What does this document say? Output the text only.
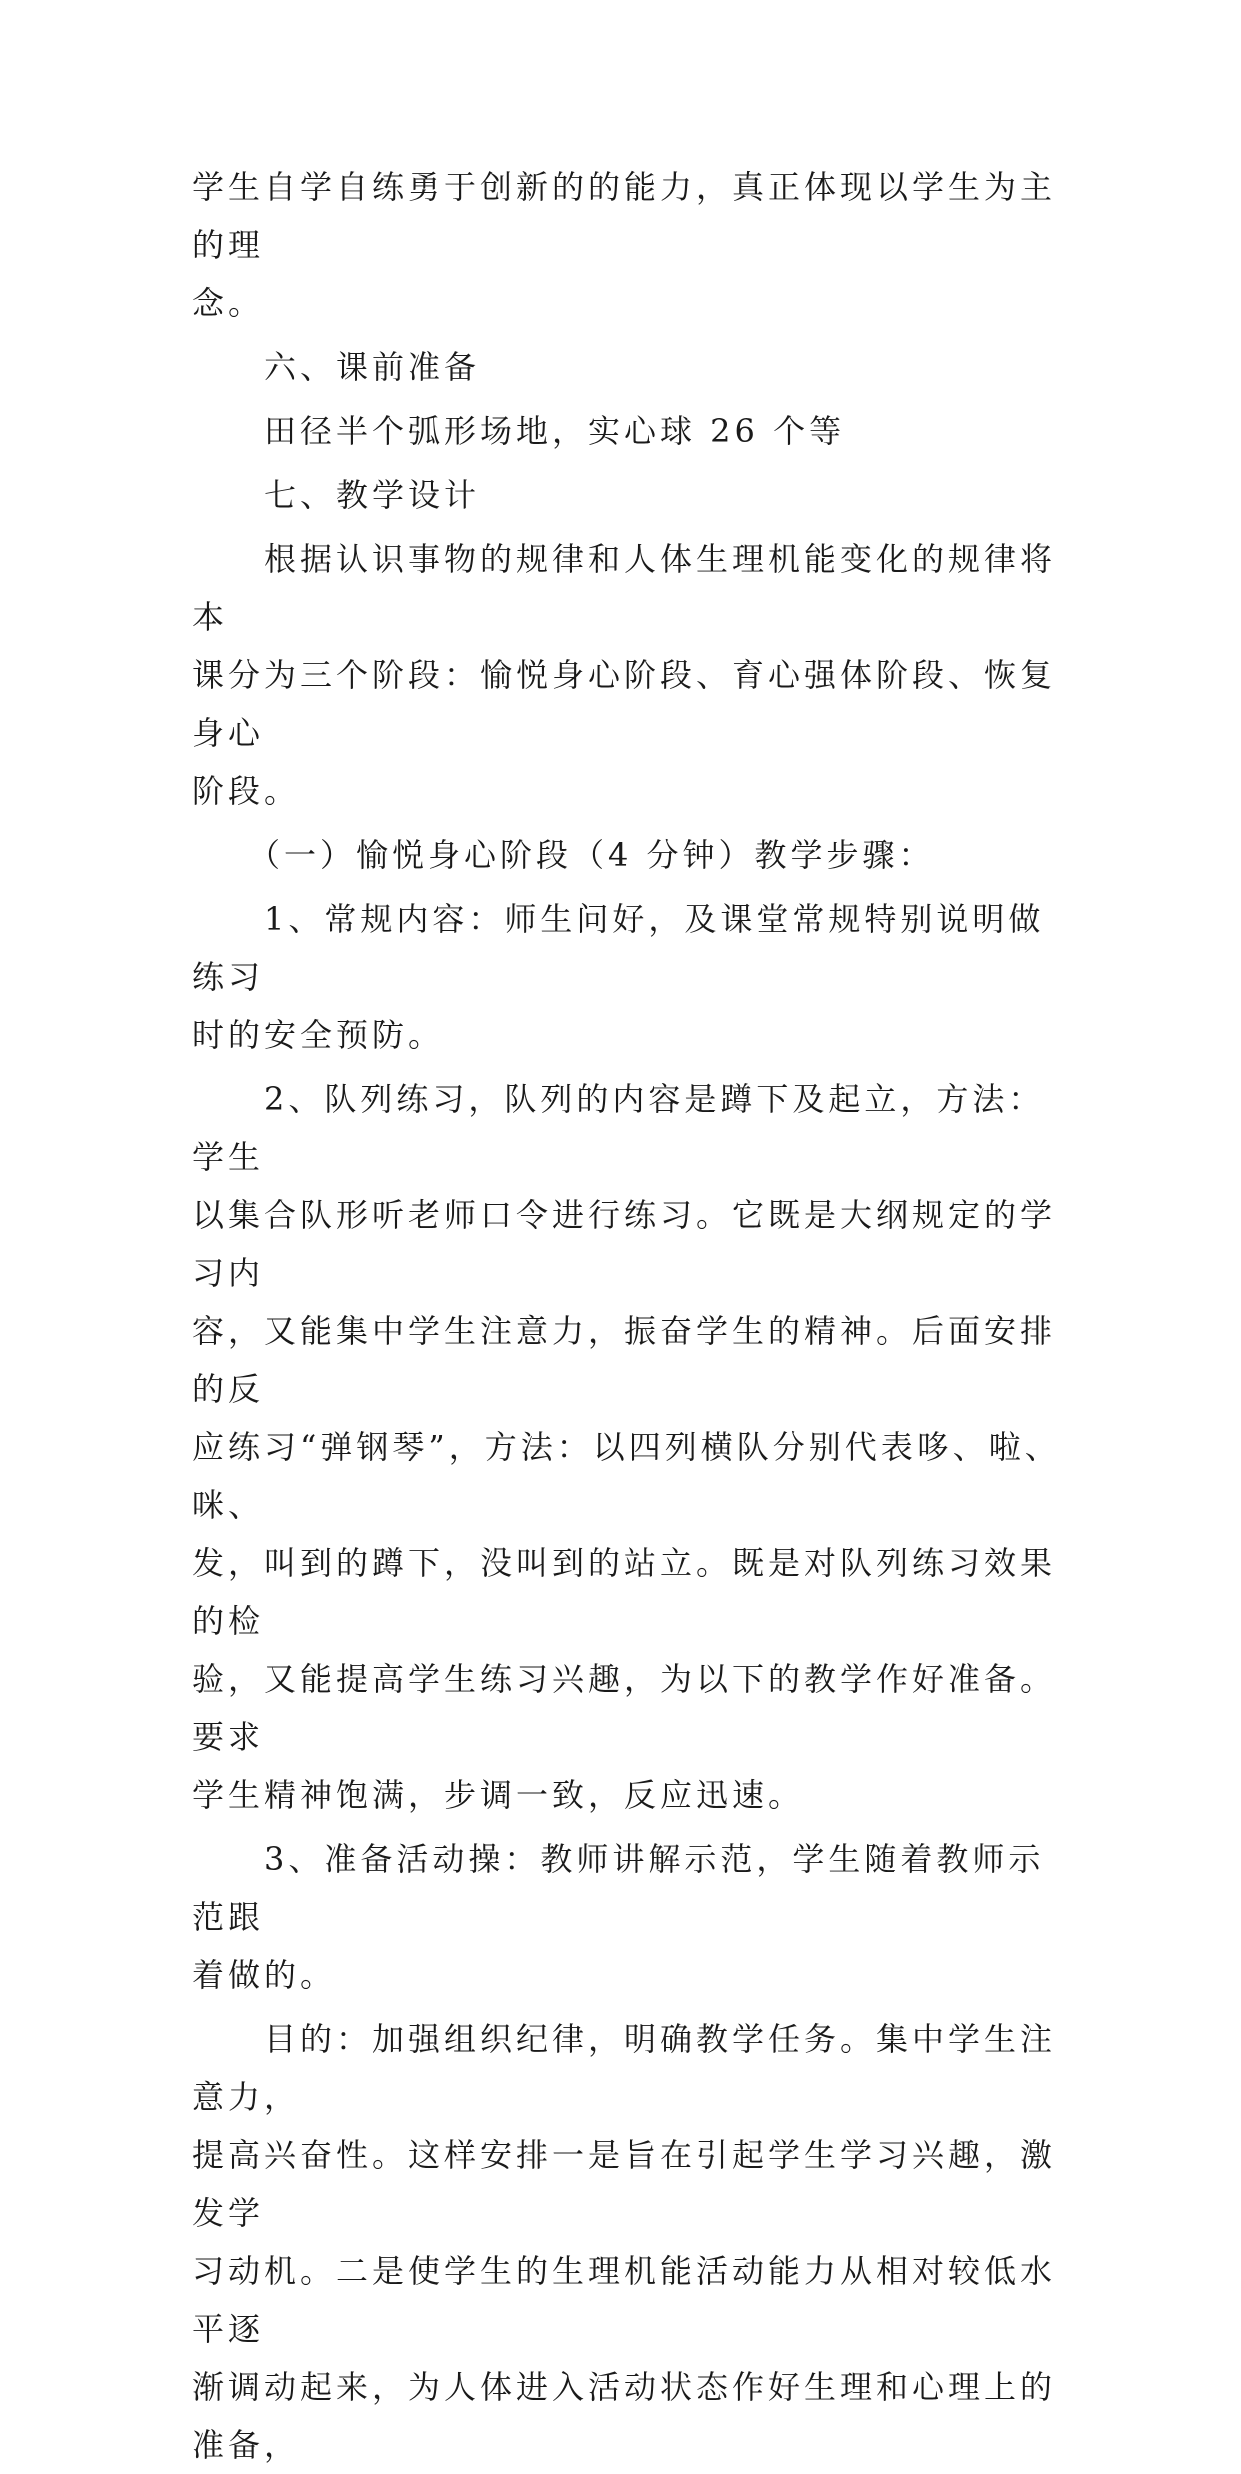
学生自学自练勇于创新的的能力，真正体现以学生为主的理

念。

　　六、课前准备

　　田径半个弧形场地，实心球 26 个等

　　七、教学设计

　　根据认识事物的规律和人体生理机能变化的规律将本

课分为三个阶段：愉悦身心阶段、育心强体阶段、恢复身心

阶段。

　　（一）愉悦身心阶段（4 分钟）教学步骤：

　　1、常规内容：师生问好，及课堂常规特别说明做练习

时的安全预防。

　　2、队列练习，队列的内容是蹲下及起立，方法：学生

以集合队形听老师口令进行练习。它既是大纲规定的学习内

容，又能集中学生注意力，振奋学生的精神。后面安排的反

应练习“弹钢琴”，方法：以四列横队分别代表哆、啦、咪、

发，叫到的蹲下，没叫到的站立。既是对队列练习效果的检

验，又能提高学生练习兴趣，为以下的教学作好准备。要求

学生精神饱满，步调一致，反应迅速。

　　3、准备活动操：教师讲解示范，学生随着教师示范跟

着做的。

　　目的：加强组织纪律，明确教学任务。集中学生注意力，

提高兴奋性。这样安排一是旨在引起学生学习兴趣，激发学

习动机。二是使学生的生理机能活动能力从相对较低水平逐

渐调动起来，为人体进入活动状态作好生理和心理上的准备，
